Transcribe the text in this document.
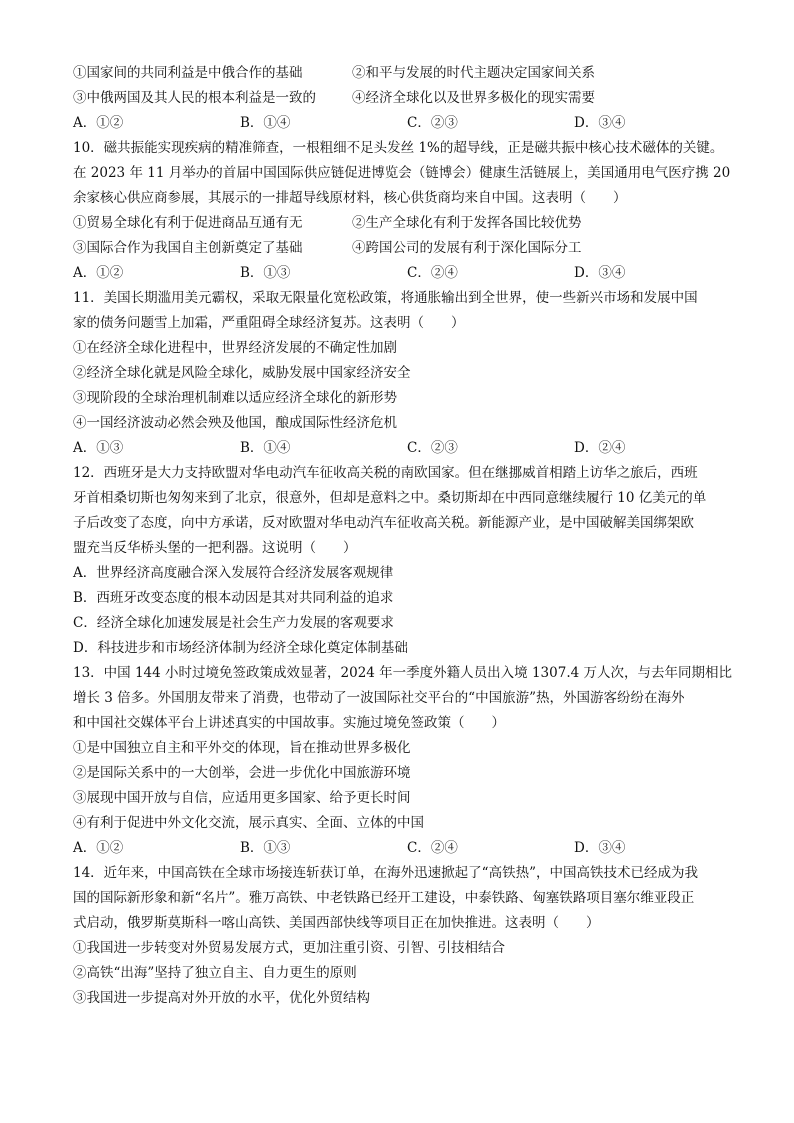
①国家间的共同利益是中俄合作的基础	②和平与发展的时代主题决定国家间关系
③中俄两国及其人民的根本利益是一致的	④经济全球化以及世界多极化的现实需要
A．①②	B．①④	C．②③	D．③④
10．磁共振能实现疾病的精准筛查，一根粗细不足头发丝 1%的超导线，正是磁共振中核心技术磁体的关键。
在 2023 年 11 月举办的首届中国国际供应链促进博览会（链博会）健康生活链展上，美国通用电气医疗携 20
余家核心供应商参展，其展示的一排超导线原材料，核心供货商均来自中国。这表明（　　）
①贸易全球化有利于促进商品互通有无	②生产全球化有利于发挥各国比较优势
③国际合作为我国自主创新奠定了基础	④跨国公司的发展有利于深化国际分工
A．①②	B．①③	C．②④	D．③④
11．美国长期滥用美元霸权，采取无限量化宽松政策，将通胀输出到全世界，使一些新兴市场和发展中国
家的债务问题雪上加霜，严重阻碍全球经济复苏。这表明（　　）
①在经济全球化进程中，世界经济发展的不确定性加剧
②经济全球化就是风险全球化，威胁发展中国家经济安全
③现阶段的全球治理机制难以适应经济全球化的新形势
④一国经济波动必然会殃及他国，酿成国际性经济危机
A．①③	B．①④	C．②③	D．②④
12．西班牙是大力支持欧盟对华电动汽车征收高关税的南欧国家。但在继挪威首相踏上访华之旅后，西班
牙首相桑切斯也匆匆来到了北京，很意外，但却是意料之中。桑切斯却在中西同意继续履行 10 亿美元的单
子后改变了态度，向中方承诺，反对欧盟对华电动汽车征收高关税。新能源产业，是中国破解美国绑架欧
盟充当反华桥头堡的一把利器。这说明（　　）
A．世界经济高度融合深入发展符合经济发展客观规律
B．西班牙改变态度的根本动因是其对共同利益的追求
C．经济全球化加速发展是社会生产力发展的客观要求
D．科技进步和市场经济体制为经济全球化奠定体制基础
13．中国 144 小时过境免签政策成效显著，2024 年一季度外籍人员出入境 1307.4 万人次，与去年同期相比
增长 3 倍多。外国朋友带来了消费，也带动了一波国际社交平台的“中国旅游”热，外国游客纷纷在海外
和中国社交媒体平台上讲述真实的中国故事。实施过境免签政策（　　）
①是中国独立自主和平外交的体现，旨在推动世界多极化
②是国际关系中的一大创举，会进一步优化中国旅游环境
③展现中国开放与自信，应适用更多国家、给予更长时间
④有利于促进中外文化交流，展示真实、全面、立体的中国
A．①②	B．①③	C．②④	D．③④
14．近年来，中国高铁在全球市场接连斩获订单，在海外迅速掀起了“高铁热”，中国高铁技术已经成为我
国的国际新形象和新“名片”。雅万高铁、中老铁路已经开工建设，中泰铁路、匈塞铁路项目塞尔维亚段正
式启动，俄罗斯莫斯科一喀山高铁、美国西部快线等项目正在加快推进。这表明（　　）
①我国进一步转变对外贸易发展方式，更加注重引资、引智、引技相结合
②高铁“出海”坚持了独立自主、自力更生的原则
③我国进一步提高对外开放的水平，优化外贸结构
